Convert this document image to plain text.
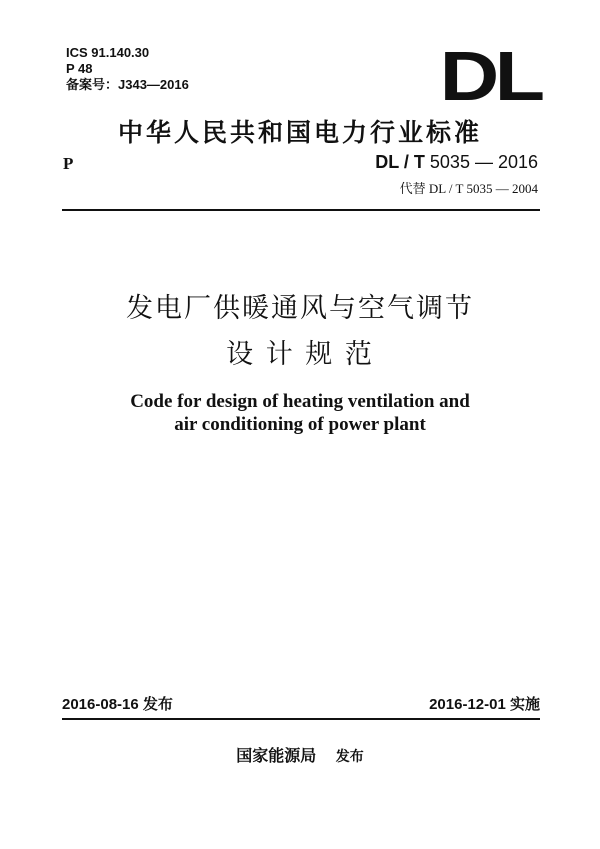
ICS 91.140.30
P 48
备案号：J343—2016	DL
中华人民共和国电力行业标准
P	DL / T 5035 — 2016
代替 DL / T 5035 — 2004
发电厂供暖通风与空气调节
设 计 规 范
Code for design of heating ventilation and
air conditioning of power plant
2016-08-16 发布	2016-12-01 实施
国家能源局 发布
